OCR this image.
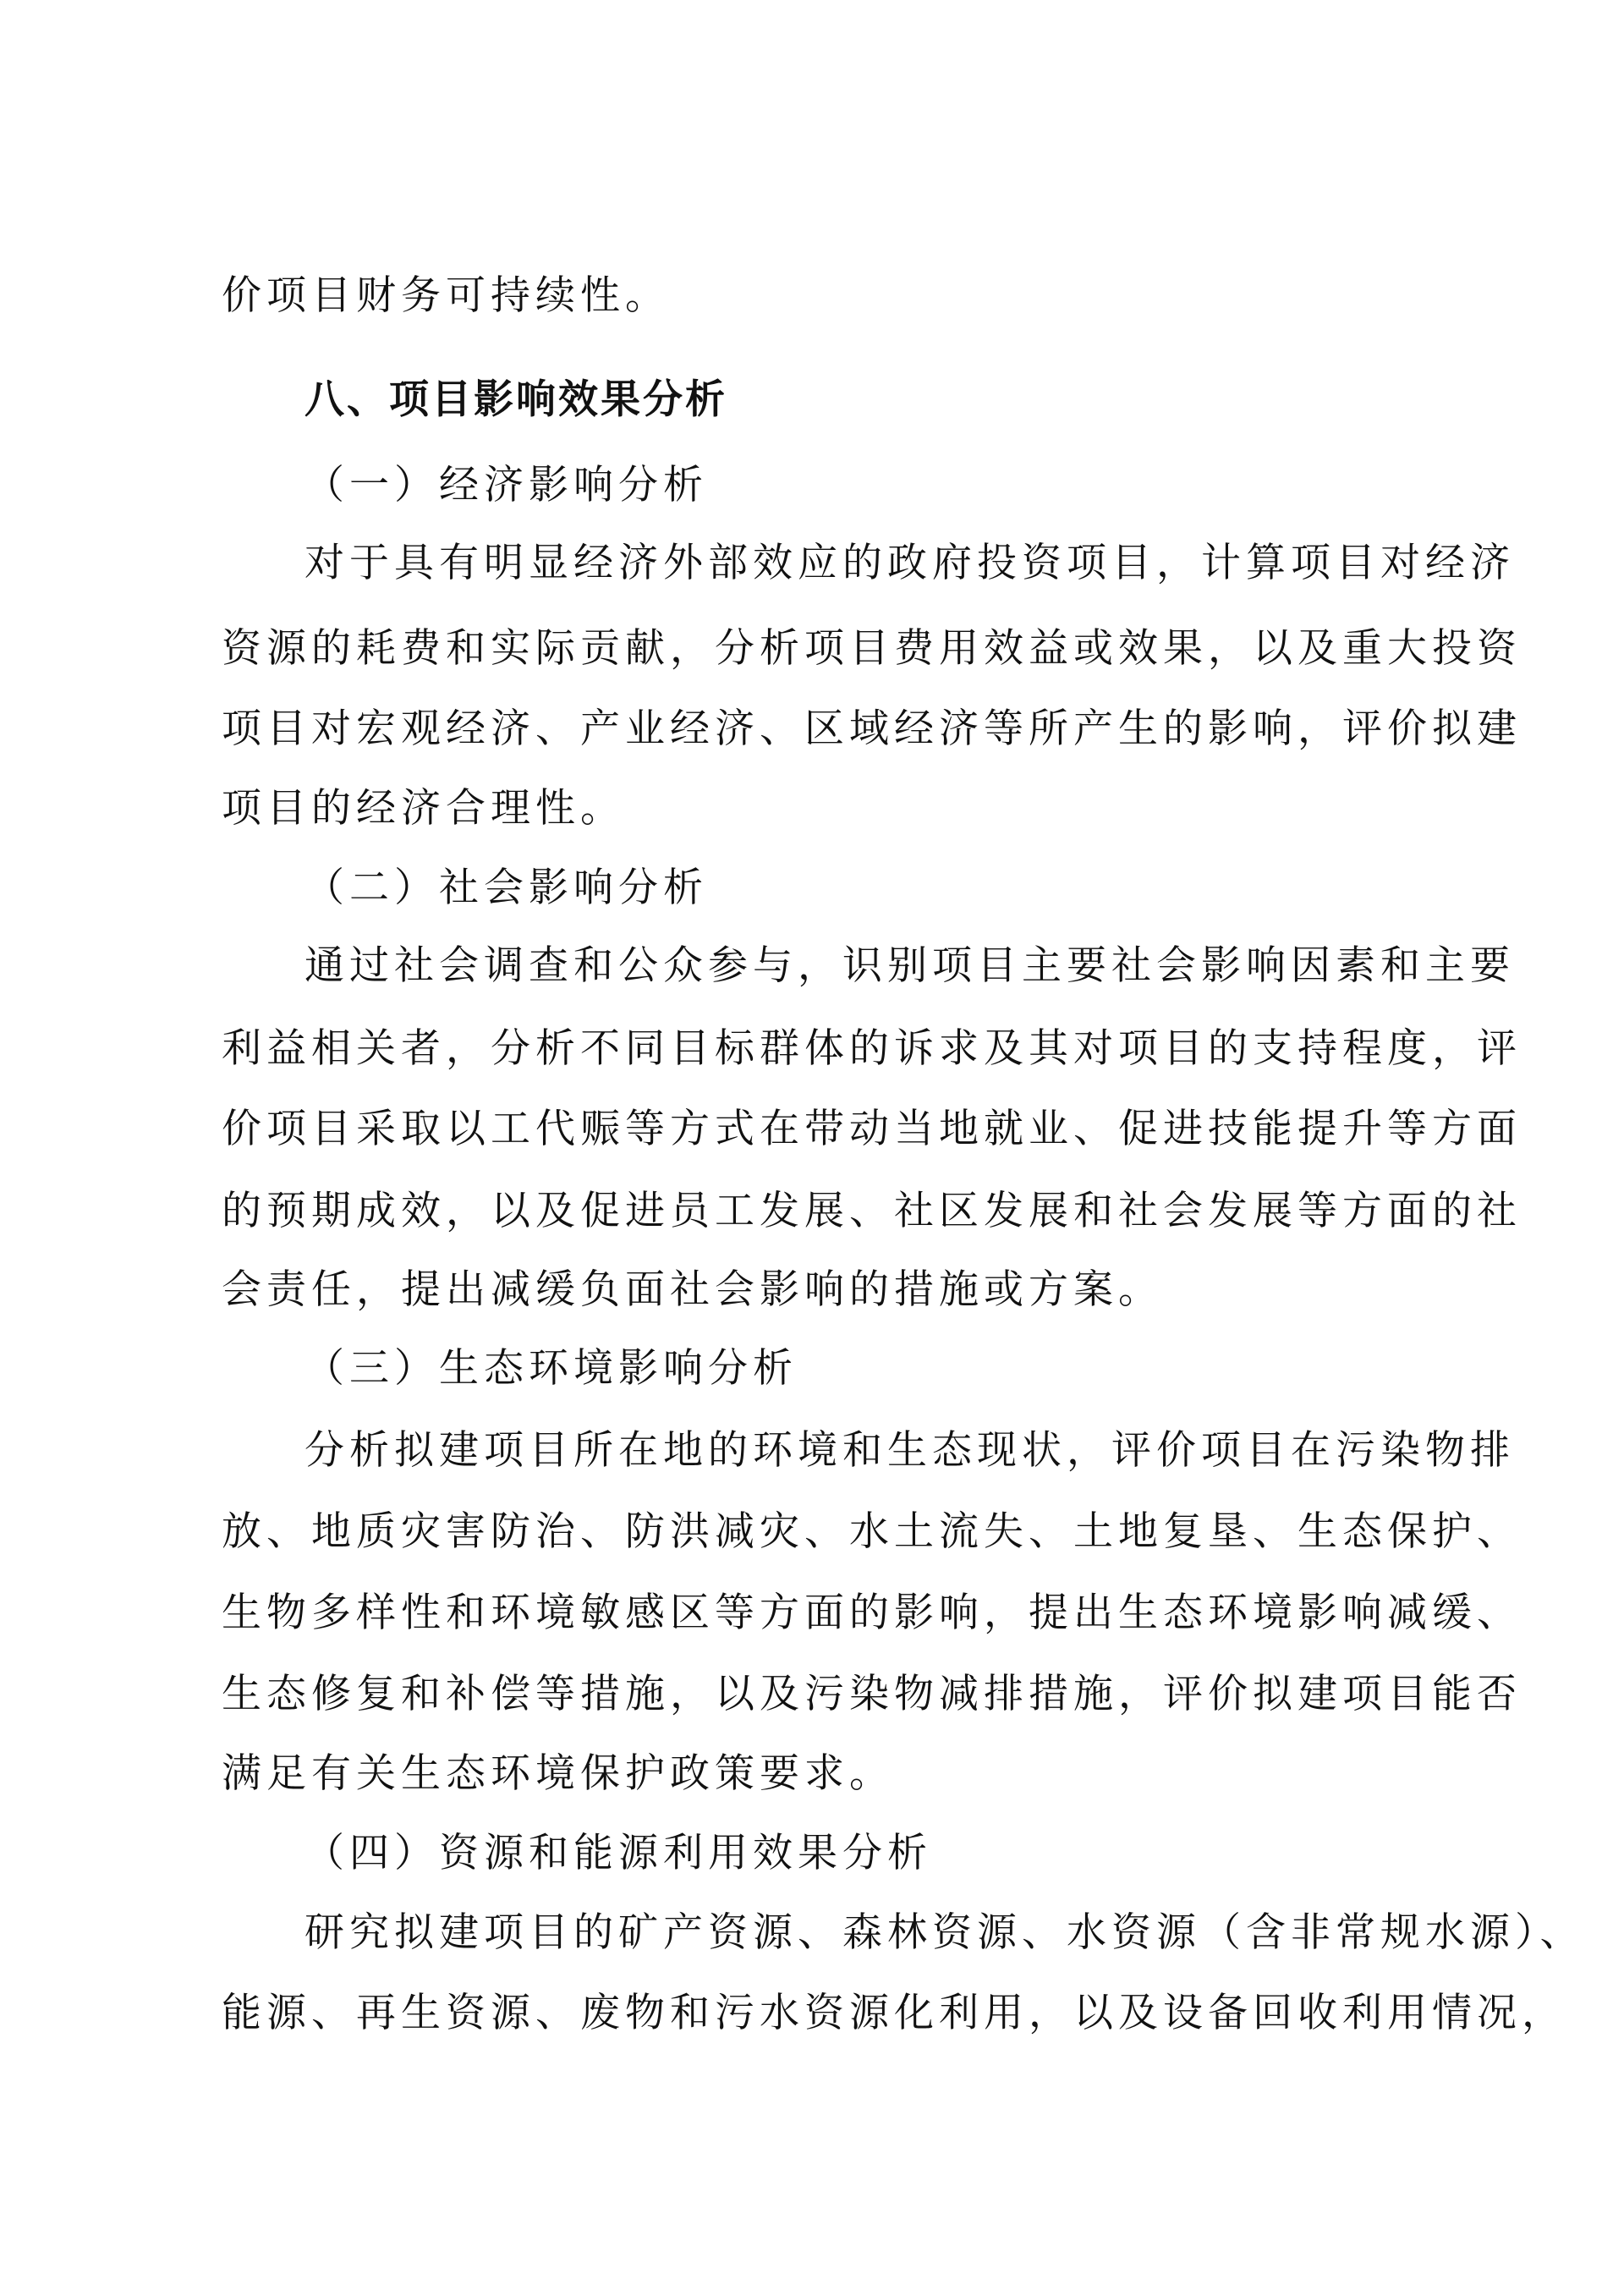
价项目财务可持续性。
八、项目影响效果分析
（一）经济影响分析
对于具有明显经济外部效应的政府投资项目，计算项目对经济
资源的耗费和实际贡献，分析项目费用效益或效果，以及重大投资
项目对宏观经济、产业经济、区域经济等所产生的影响，评价拟建
项目的经济合理性。
（二）社会影响分析
通过社会调查和公众参与，识别项目主要社会影响因素和主要
利益相关者，分析不同目标群体的诉求及其对项目的支持程度，评
价项目采取以工代赈等方式在带动当地就业、促进技能提升等方面
的预期成效，以及促进员工发展、社区发展和社会发展等方面的社
会责任，提出减缓负面社会影响的措施或方案。
（三）生态环境影响分析
分析拟建项目所在地的环境和生态现状，评价项目在污染物排
放、地质灾害防治、防洪减灾、水土流失、土地复垦、生态保护、
生物多样性和环境敏感区等方面的影响，提出生态环境影响减缓、
生态修复和补偿等措施，以及污染物减排措施，评价拟建项目能否
满足有关生态环境保护政策要求。
（四）资源和能源利用效果分析
研究拟建项目的矿产资源、森林资源、水资源（含非常规水源）、
能源、再生资源、废物和污水资源化利用，以及设备回收利用情况，
